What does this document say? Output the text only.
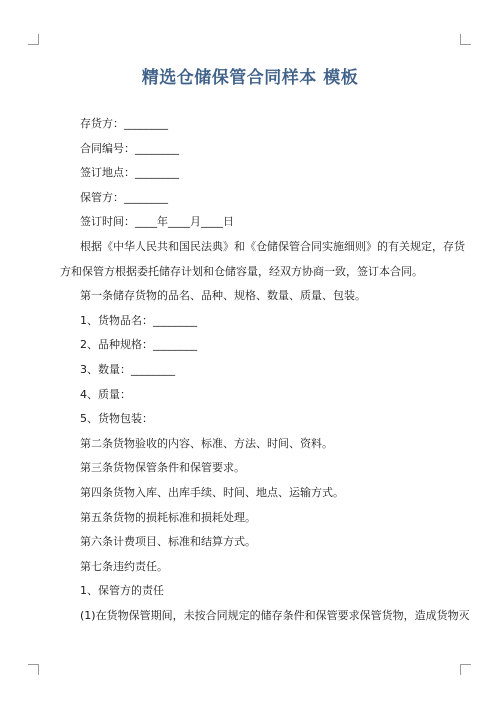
精选仓储保管合同样本 模板
存货方：________
合同编号：________
签订地点：________
保管方：________
签订时间：____年____月____日
根据《中华人民共和国民法典》和《仓储保管合同实施细则》的有关规定，存货
方和保管方根据委托储存计划和仓储容量，经双方协商一致，签订本合同。
第一条储存货物的品名、品种、规格、数量、质量、包装。
1、货物品名：________
2、品种规格：________
3、数量：________
4、质量：
5、货物包装：
第二条货物验收的内容、标准、方法、时间、资料。
第三条货物保管条件和保管要求。
第四条货物入库、出库手续、时间、地点、运输方式。
第五条货物的损耗标准和损耗处理。
第六条计费项目、标准和结算方式。
第七条违约责任。
1、保管方的责任
(1)在货物保管期间，未按合同规定的储存条件和保管要求保管货物，造成货物灭
